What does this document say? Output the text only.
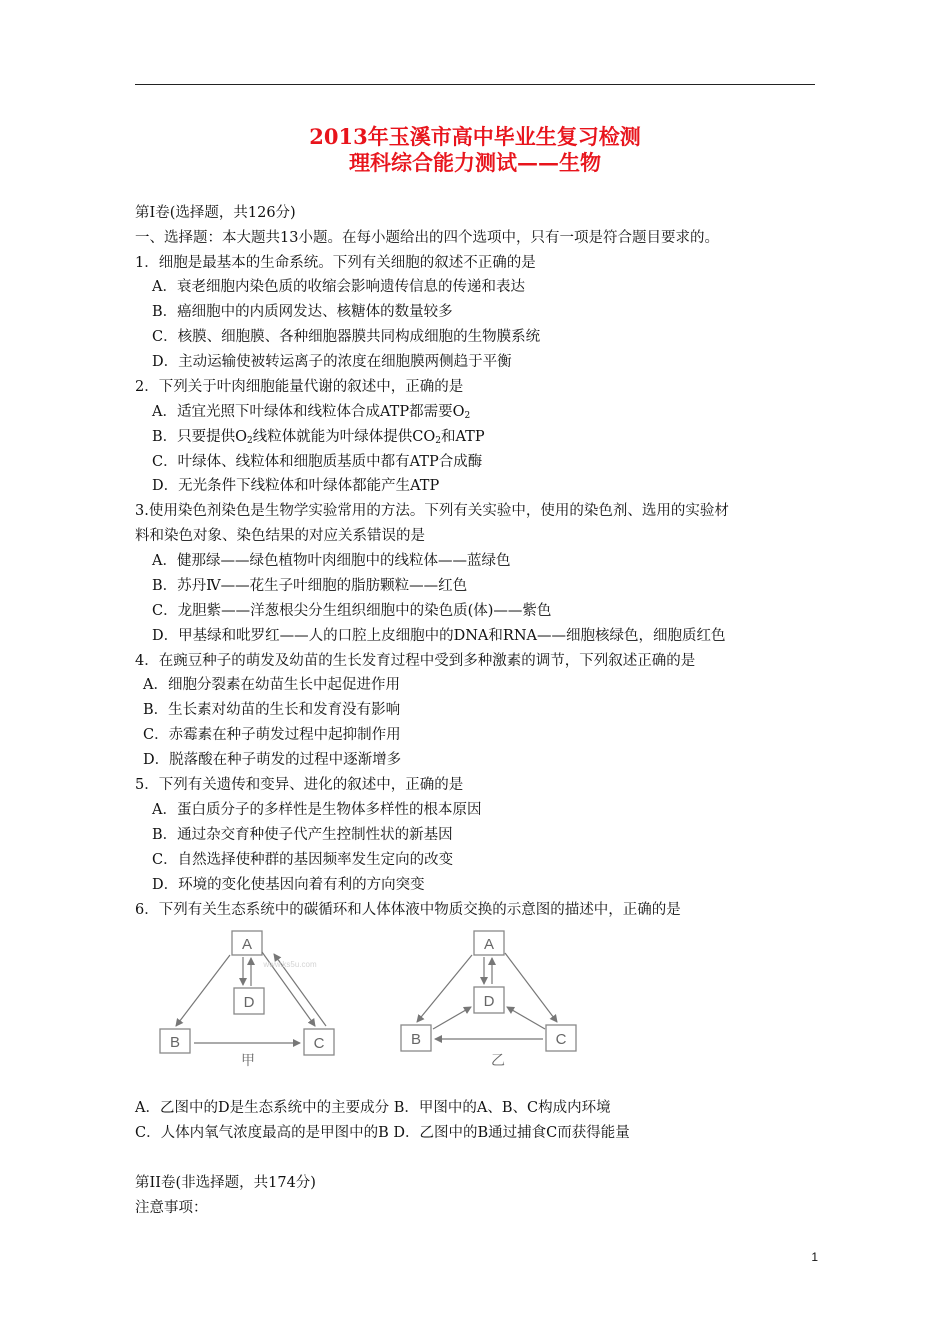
2013年玉溪市高中毕业生复习检测
理科综合能力测试——生物
第Ⅰ卷(选择题，共126分)
一、选择题：本大题共13小题。在每小题给出的四个选项中，只有一项是符合题目要求的。
1．细胞是最基本的生命系统。下列有关细胞的叙述不正确的是
A．衰老细胞内染色质的收缩会影响遗传信息的传递和表达
B．癌细胞中的内质网发达、核糖体的数量较多
C．核膜、细胞膜、各种细胞器膜共同构成细胞的生物膜系统
D．主动运输使被转运离子的浓度在细胞膜两侧趋于平衡
2．下列关于叶肉细胞能量代谢的叙述中，正确的是
A．适宜光照下叶绿体和线粒体合成ATP都需要$O_2$
B．只要提供$O_2$线粒体就能为叶绿体提供$CO_2$和ATP
C．叶绿体、线粒体和细胞质基质中都有ATP合成酶
D．无光条件下线粒体和叶绿体都能产生ATP
3.使用染色剂染色是生物学实验常用的方法。下列有关实验中，使用的染色剂、选用的实验材
料和染色对象、染色结果的对应关系错误的是
A．健那绿——绿色植物叶肉细胞中的线粒体——蓝绿色
B．苏丹Ⅳ——花生子叶细胞的脂肪颗粒——红色
C．龙胆紫——洋葱根尖分生组织细胞中的染色质(体)——紫色
D．甲基绿和吡罗红——人的口腔上皮细胞中的DNA和RNA——细胞核绿色，细胞质红色
4．在豌豆种子的萌发及幼苗的生长发育过程中受到多种激素的调节，下列叙述正确的是
A．细胞分裂素在幼苗生长中起促进作用
B．生长素对幼苗的生长和发育没有影响
C．赤霉素在种子萌发过程中起抑制作用
D．脱落酸在种子萌发的过程中逐渐增多
5．下列有关遗传和变异、进化的叙述中，正确的是
A．蛋白质分子的多样性是生物体多样性的根本原因
B．通过杂交育种使子代产生控制性状的新基因
C．自然选择使种群的基因频率发生定向的改变
D．环境的变化使基因向着有利的方向突变
6．下列有关生态系统中的碳循环和人体体液中物质交换的示意图的描述中，正确的是
A
D
B	C
www.ks5u.com
甲
A
D
B	C
乙
A．乙图中的D是生态系统中的主要成分 B．甲图中的A、B、C构成内环境
C．人体内氧气浓度最高的是甲图中的B D．乙图中的B通过捕食C而获得能量
第II卷(非选择题，共174分)
注意事项：
1
